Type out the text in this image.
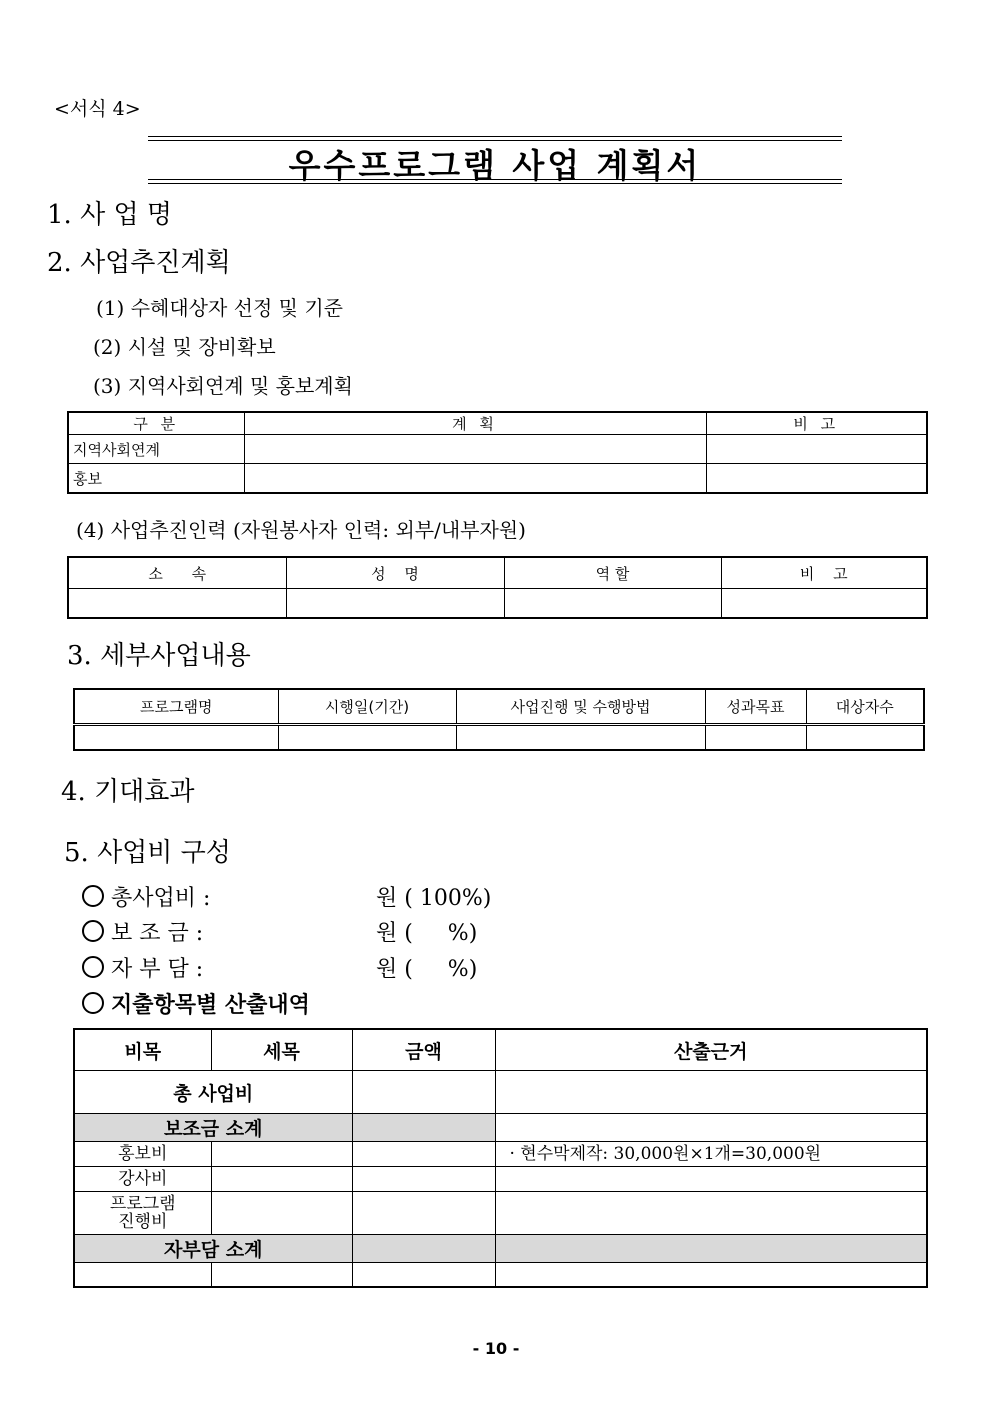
<서식 4>
우수프로그램 사업 계획서
1. 사 업 명
2. 사업추진계획
(1) 수혜대상자 선정 및 기준
(2) 시설 및 장비확보
(3) 지역사회연계 및 홍보계획
구 분	계 획	비 고
지역사회연계		
홍보		
(4) 사업추진인력 (자원봉사자 인력: 외부/내부자원)
소 속	성 명	역 할	비 고

3. 세부사업내용
프로그램명	시행일(기간)	사업진행 및 수행방법	성과목표	대상자수

4. 기대효과
5. 사업비 구성
총사업비 :	원 ( 100%)
보 조 금 :	원 (     %)
자 부 담 :	원 (     %)
지출항목별 산출내역
비목	세목	금액	산출근거
총 사업비			
보조금 소계			
홍보비			· 현수막제작: 30,000원×1개=30,000원
강사비			
프로그램
진행비			
자부담 소계			

- 10 -
